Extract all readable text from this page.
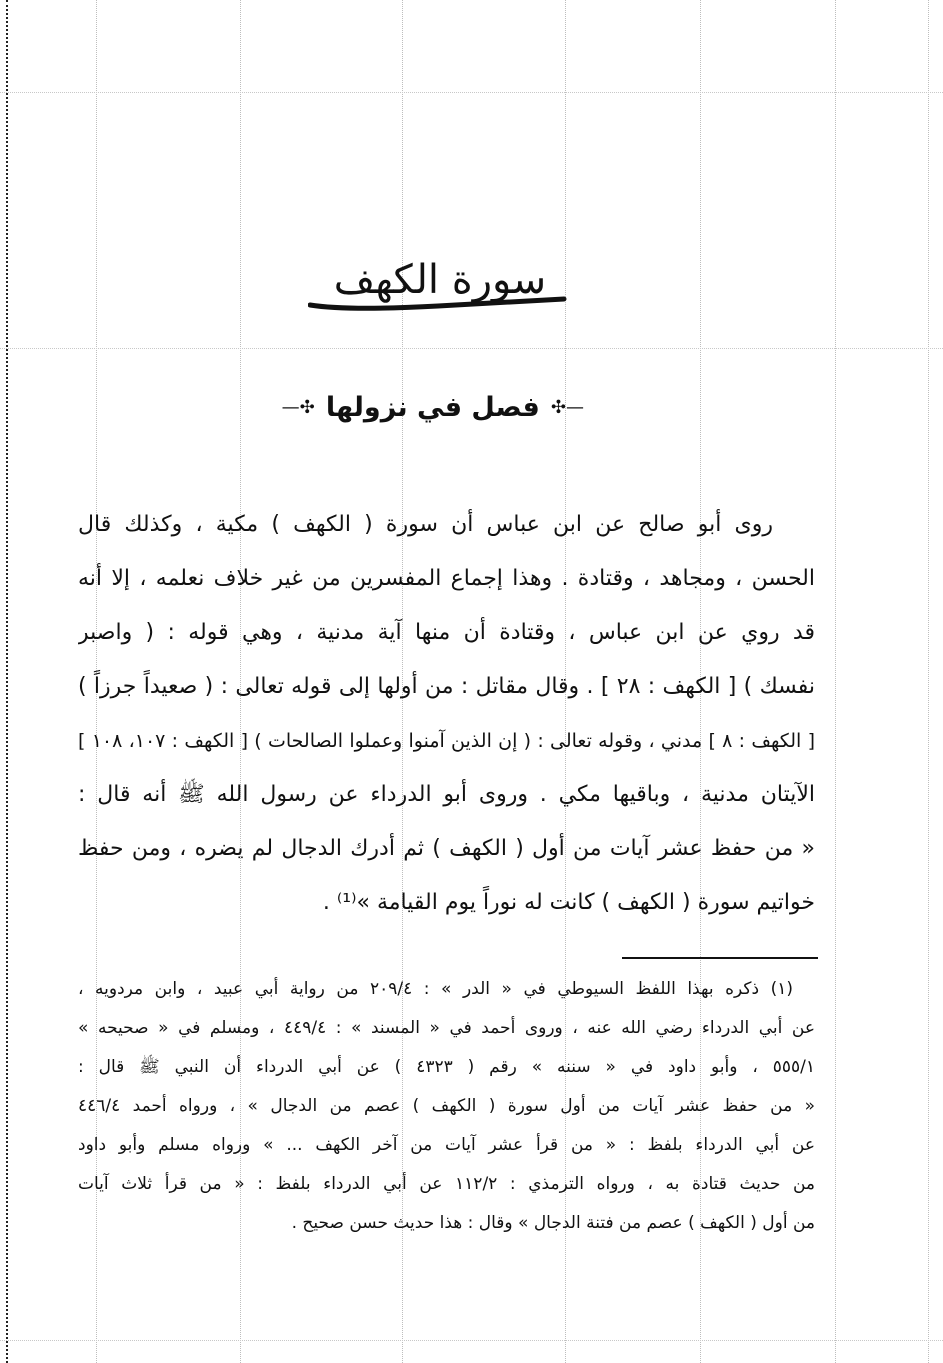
سورة الكهف
—✣ فصل في نزولها ✣—
روى أبو صالح عن ابن عباس أن سورة ( الكهف ) مكية ، وكذلك قال
الحسن ، ومجاهد ، وقتادة . وهذا إجماع المفسرين من غير خلاف نعلمه ، إلا أنه
قد روي عن ابن عباس ، وقتادة أن منها آية مدنية ، وهي قوله : ( واصبر
نفسك ) [ الكهف : ٢٨ ] . وقال مقاتل : من أولها إلى قوله تعالى : ( صعيداً جرزاً )
[ الكهف : ٨ ] مدني ، وقوله تعالى : ( إن الذين آمنوا وعملوا الصالحات ) [ الكهف : ١٠٧، ١٠٨ ]
الآيتان مدنية ، وباقيها مكي . وروى أبو الدرداء عن رسول الله ﷺ أنه قال :
« من حفظ عشر آيات من أول ( الكهف ) ثم أدرك الدجال لم يضره ، ومن حفظ
خواتيم سورة ( الكهف ) كانت له نوراً يوم القيامة »⁽¹⁾ .
(١) ذكره بهذا اللفظ السيوطي في « الدر » : ٢٠٩/٤ من رواية أبي عبيد ، وابن مردويه ،
عن أبي الدرداء رضي الله عنه ، وروى أحمد في « المسند » : ٤٤٩/٤ ، ومسلم في « صحيحه »
٥٥٥/١ ، وأبو داود في « سننه » رقم ( ٤٣٢٣ ) عن أبي الدرداء أن النبي ﷺ قال :
« من حفظ عشر آيات من أول سورة ( الكهف ) عصم من الدجال » ، ورواه أحمد ٤٤٦/٤
عن أبي الدرداء بلفظ : « من قرأ عشر آيات من آخر الكهف ... » ورواه مسلم وأبو داود
من حديث قتادة به ، ورواه الترمذي : ١١٢/٢ عن أبي الدرداء بلفظ : « من قرأ ثلاث آيات
من أول ( الكهف ) عصم من فتنة الدجال » وقال : هذا حديث حسن صحيح .
